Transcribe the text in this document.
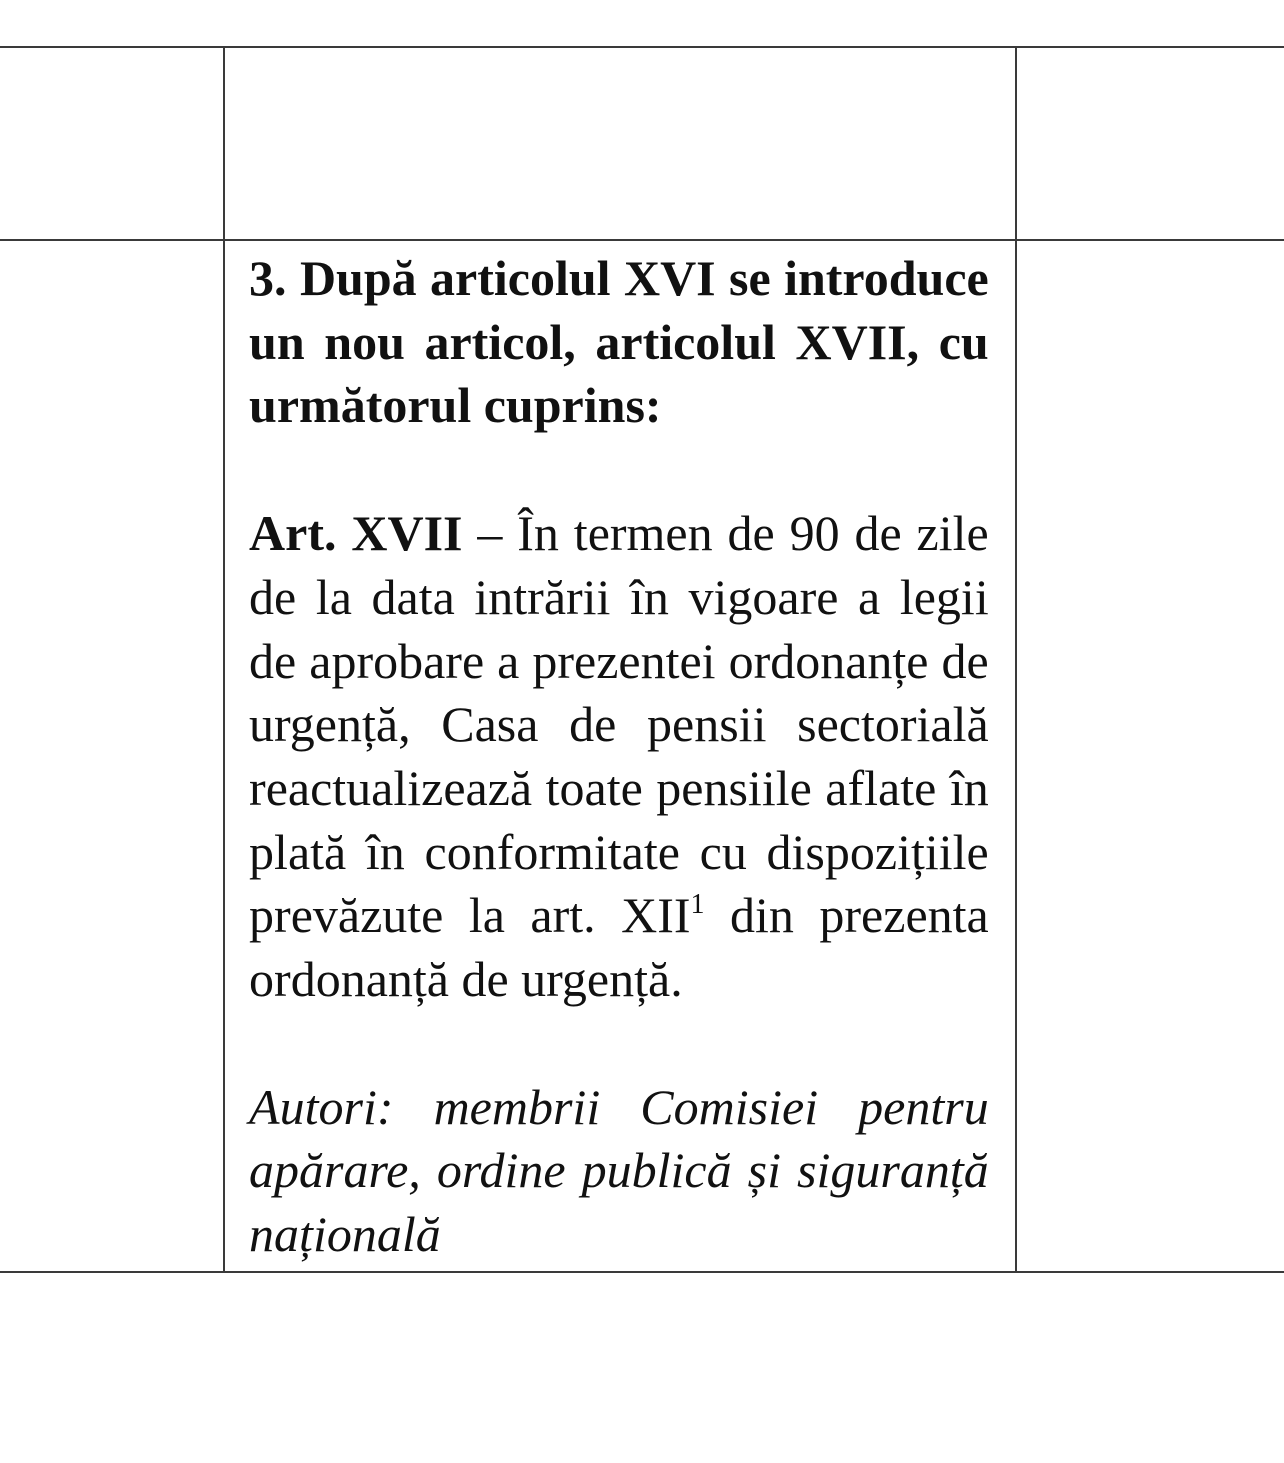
	3. După articolul XVI se introduce un nou articol, articolul XVII, cu următorul cuprins:

Art. XVII – În termen de 90 de zile de la data intrării în vigoare a legii de aprobare a prezentei ordonanțe de urgență, Casa de pensii sectorială reactualizează toate pensiile aflate în plată în conformitate cu dispozițiile prevăzute la art. XII$^1$ din prezenta ordonanță de urgență.

Autori: membrii Comisiei pentru apărare, ordine publică și siguranță națională	
